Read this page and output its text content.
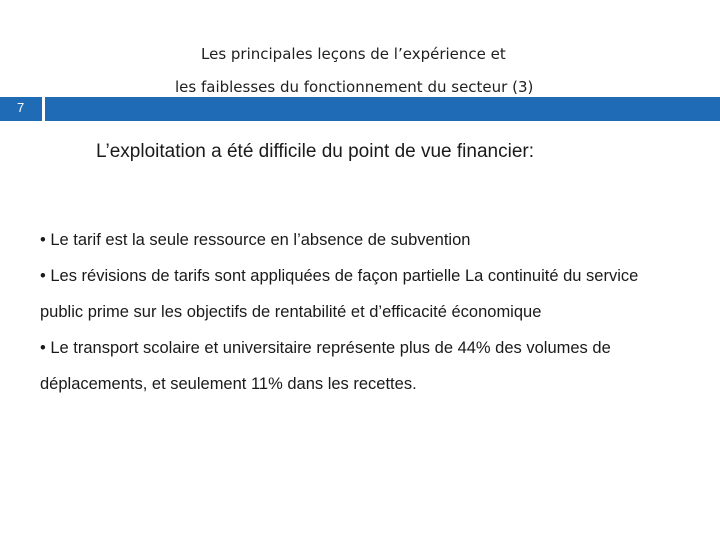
Les principales leçons de l’expérience et
les faiblesses du fonctionnement du secteur (3)
7
L’exploitation a été difficile du point de vue financier:
• Le tarif est la seule ressource en l’absence de subvention
• Les révisions de tarifs sont appliquées de façon partielle La continuité du service
public prime sur les objectifs de rentabilité et d’efficacité économique
• Le transport scolaire et universitaire représente plus de 44% des volumes de
déplacements, et seulement 11% dans les recettes.
